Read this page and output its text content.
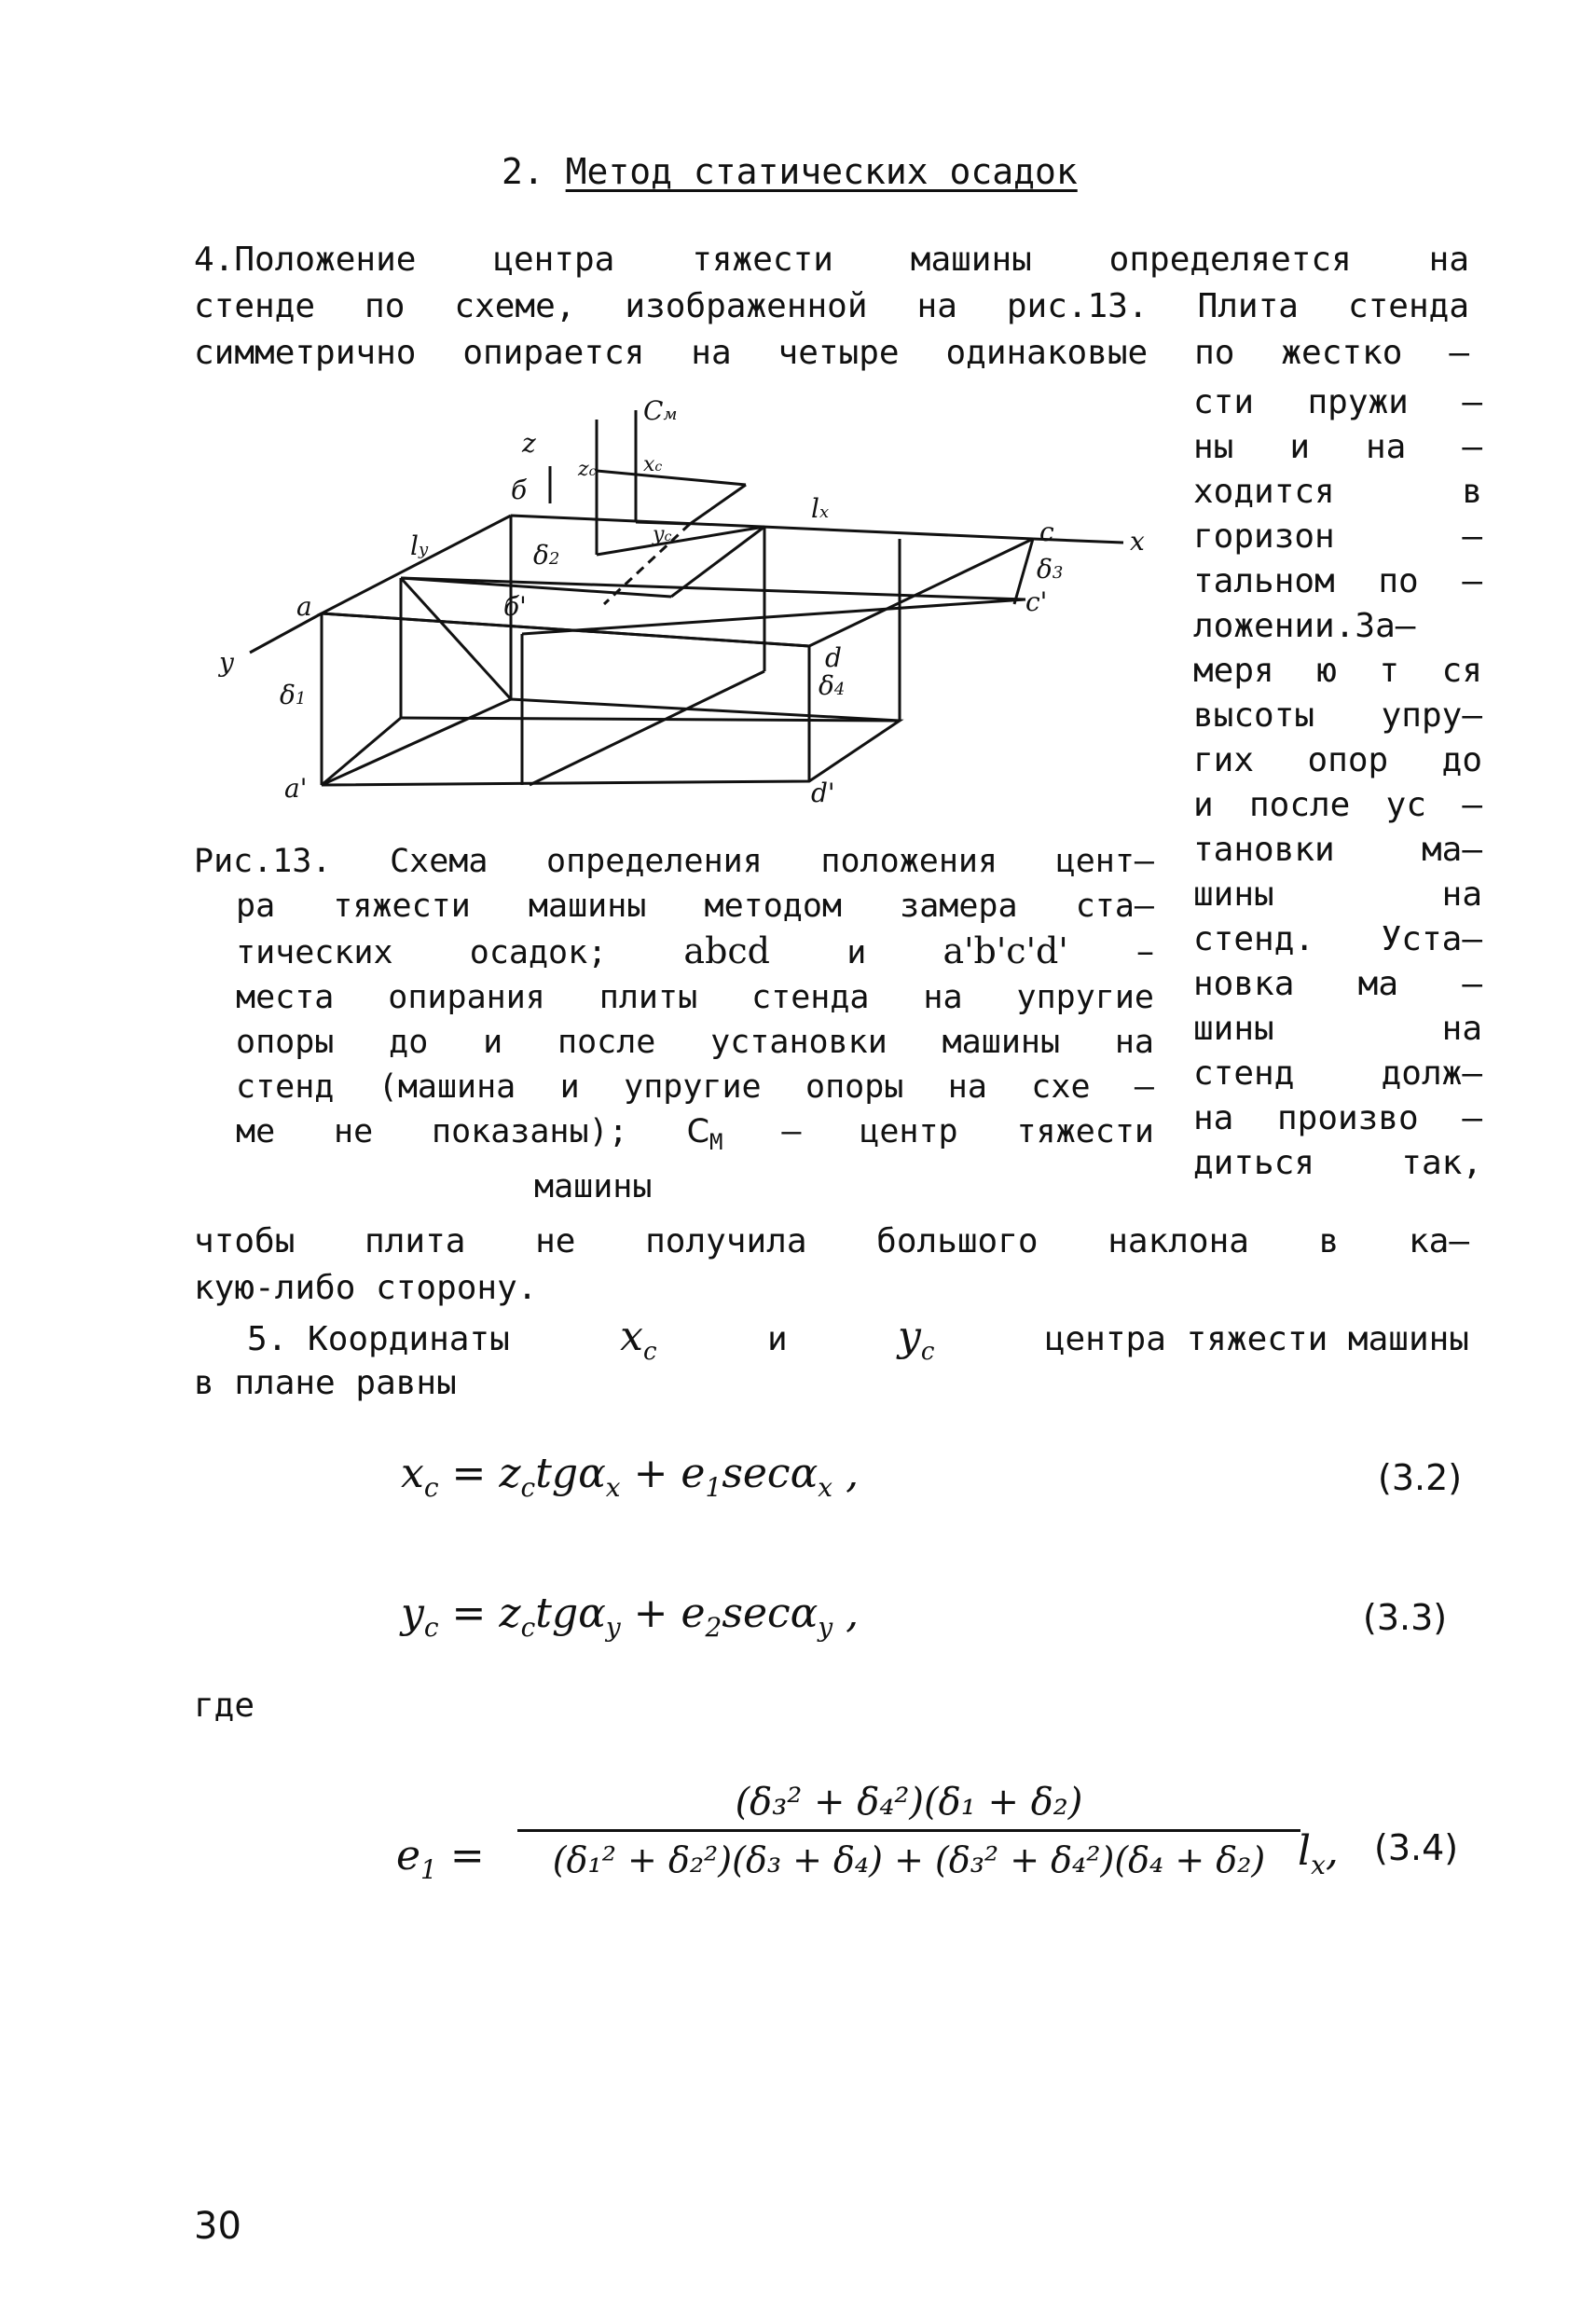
2. Метод статических осадок
4.Положение центра тяжести машины определяется на
стенде по схеме, изображенной на рис.13. Плита стенда
симметрично опирается на четыре одинаковые по жестко –
сти пружи –
ны и на –
ходится в
горизон –
тальном по –
ложении.За–
меря ю т ся
высоты упру–
гих опор до
и после ус –
тановки ма–
шины на
стенд. Уста–
новка ма –
шины на
стенд долж–
на произво –
диться так,
Cм
z
zc xc
yc
lx
ly
б
б'
c
c'
a
a'
d
d'
x
y
δ1
δ2	δ3
δ4
Рис.13. Схема определения положения цент–
ра тяжести машины методом замера ста–
тических осадок; abcd и a'b'c'd' –
места опирания плиты стенда на упругие
опоры до и после установки машины на
стенд (машина и упругие опоры на схе –
ме не показаны); $C_М$ – центр тяжести
машины
чтобы плита не получила большого наклона в ка–
кую-либо сторону.
5. Координаты	$x_c$	и	$y_c$	центра тяжести машины
в плане равны
$x_c = z_ctg\alpha_x + e_1\sec\alpha_x$ ,	(3.2)
$y_c = z_ctg\alpha_y + e_2\sec\alpha_y$ ,	(3.3)
где
$e_1$ =
(δ₃² + δ₄²)(δ₁ + δ₂)
(δ₁² + δ₂²)(δ₃ + δ₄) + (δ₃² + δ₄²)(δ₄ + δ₂) $l_x$, (3.4)
30
